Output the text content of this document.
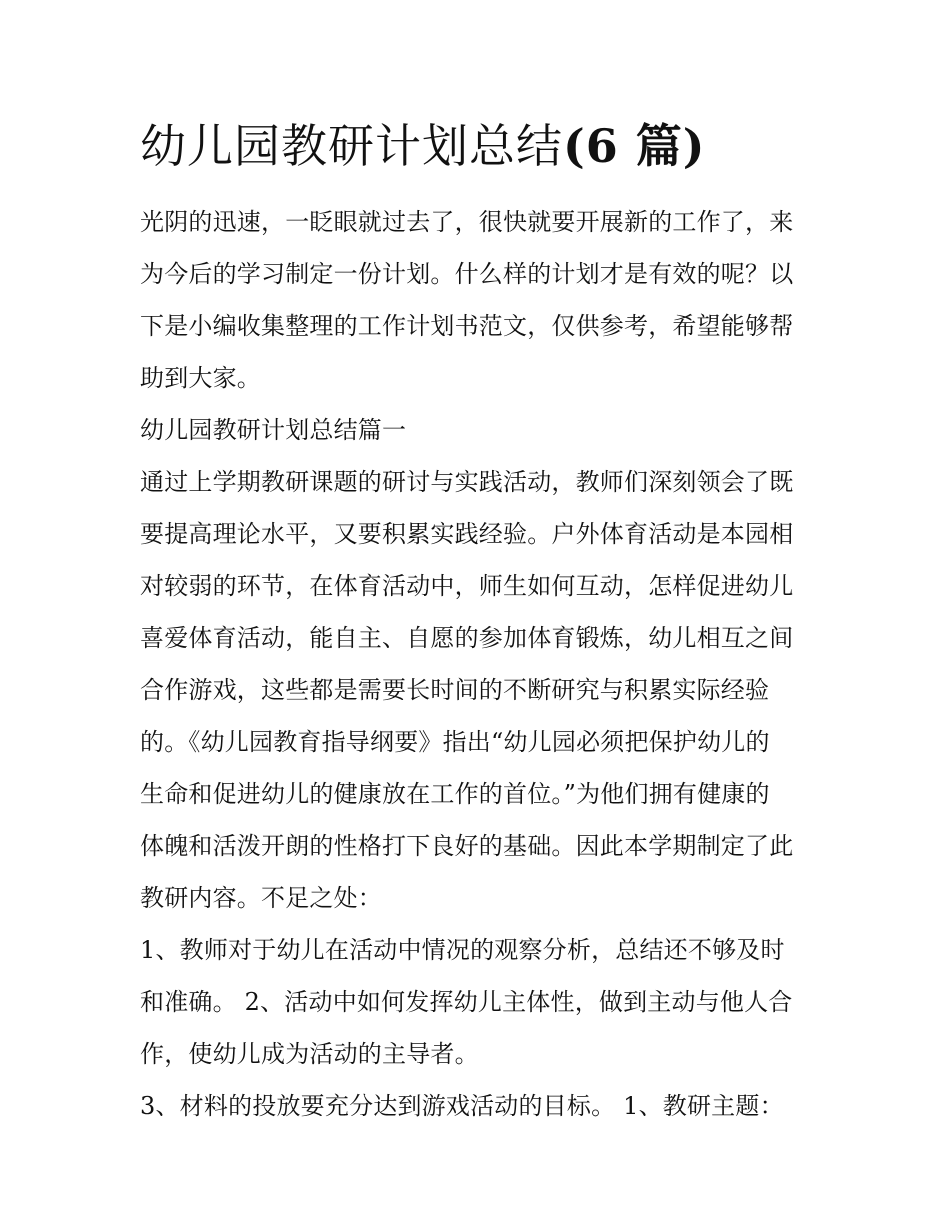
幼儿园教研计划总结(6 篇)
光阴的迅速，一眨眼就过去了，很快就要开展新的工作了，来
为今后的学习制定一份计划。什么样的计划才是有效的呢？以
下是小编收集整理的工作计划书范文，仅供参考，希望能够帮
助到大家。
幼儿园教研计划总结篇一
通过上学期教研课题的研讨与实践活动，教师们深刻领会了既
要提高理论水平，又要积累实践经验。户外体育活动是本园相
对较弱的环节，在体育活动中，师生如何互动，怎样促进幼儿
喜爱体育活动，能自主、自愿的参加体育锻炼，幼儿相互之间
合作游戏，这些都是需要长时间的不断研究与积累实际经验
的。《幼儿园教育指导纲要》指出“幼儿园必须把保护幼儿的
生命和促进幼儿的健康放在工作的首位。”为他们拥有健康的
体魄和活泼开朗的性格打下良好的基础。因此本学期制定了此
教研内容。不足之处：
1、教师对于幼儿在活动中情况的观察分析，总结还不够及时
和准确。 2、活动中如何发挥幼儿主体性，做到主动与他人合
作，使幼儿成为活动的主导者。
3、材料的投放要充分达到游戏活动的目标。 1、教研主题：
